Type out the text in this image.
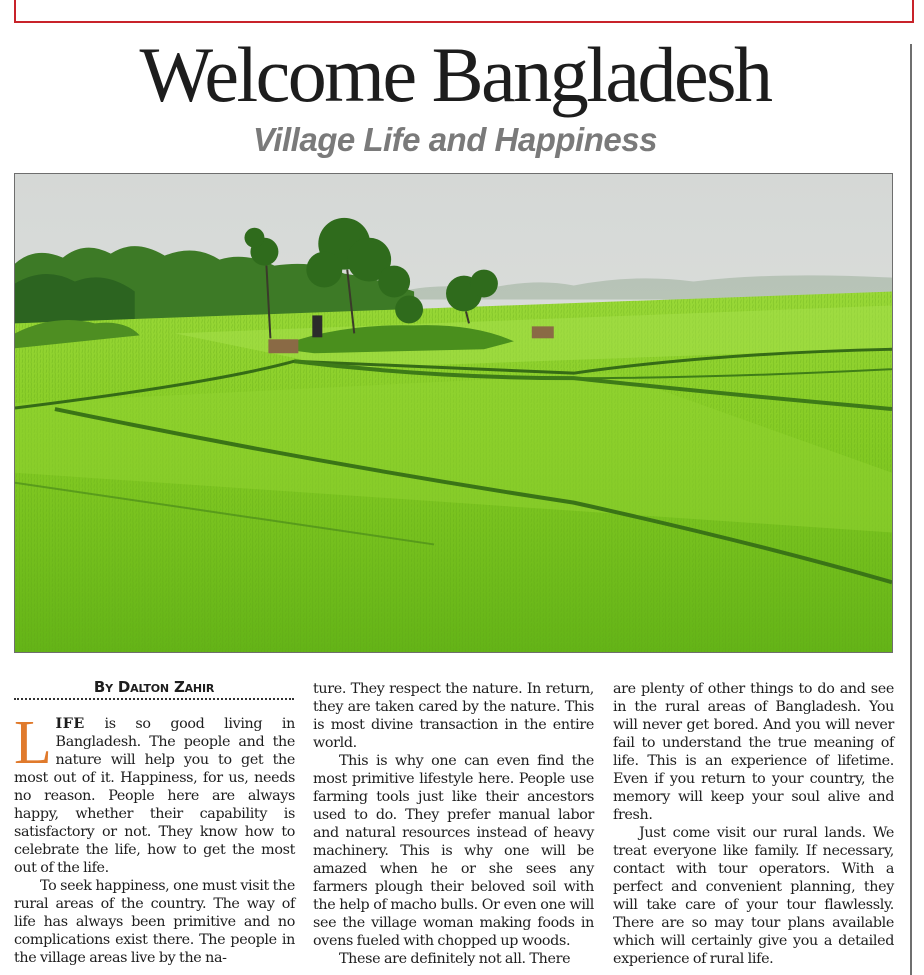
Welcome Bangladesh
Village Life and Happiness
By Dalton Zahir

LIFE is so good living in Bangladesh. The people and the nature will help you to get the most out of it. Happiness, for us, needs no reason. People here are always happy, whether their capability is satisfactory or not. They know how to celebrate the life, how to get the most out of the life.

To seek happiness, one must visit the rural areas of the country. The way of life has always been primitive and no complications exist there. The people in the village areas live by the na-

ture. They respect the nature. In return, they are taken cared by the nature. This is most divine transaction in the entire world.

This is why one can even find the most primitive lifestyle here. People use farming tools just like their ancestors used to do. They prefer manual labor and natural resources instead of heavy machinery. This is why one will be amazed when he or she sees any farmers plough their beloved soil with the help of macho bulls. Or even one will see the village woman making foods in ovens fueled with chopped up woods.

These are definitely not all. There

are plenty of other things to do and see in the rural areas of Bangladesh. You will never get bored. And you will never fail to understand the true meaning of life. This is an experience of lifetime. Even if you return to your country, the memory will keep your soul alive and fresh.

Just come visit our rural lands. We treat everyone like family. If necessary, contact with tour operators. With a perfect and convenient planning, they will take care of your tour flawlessly. There are so may tour plans available which will certainly give you a detailed experience of rural life.
